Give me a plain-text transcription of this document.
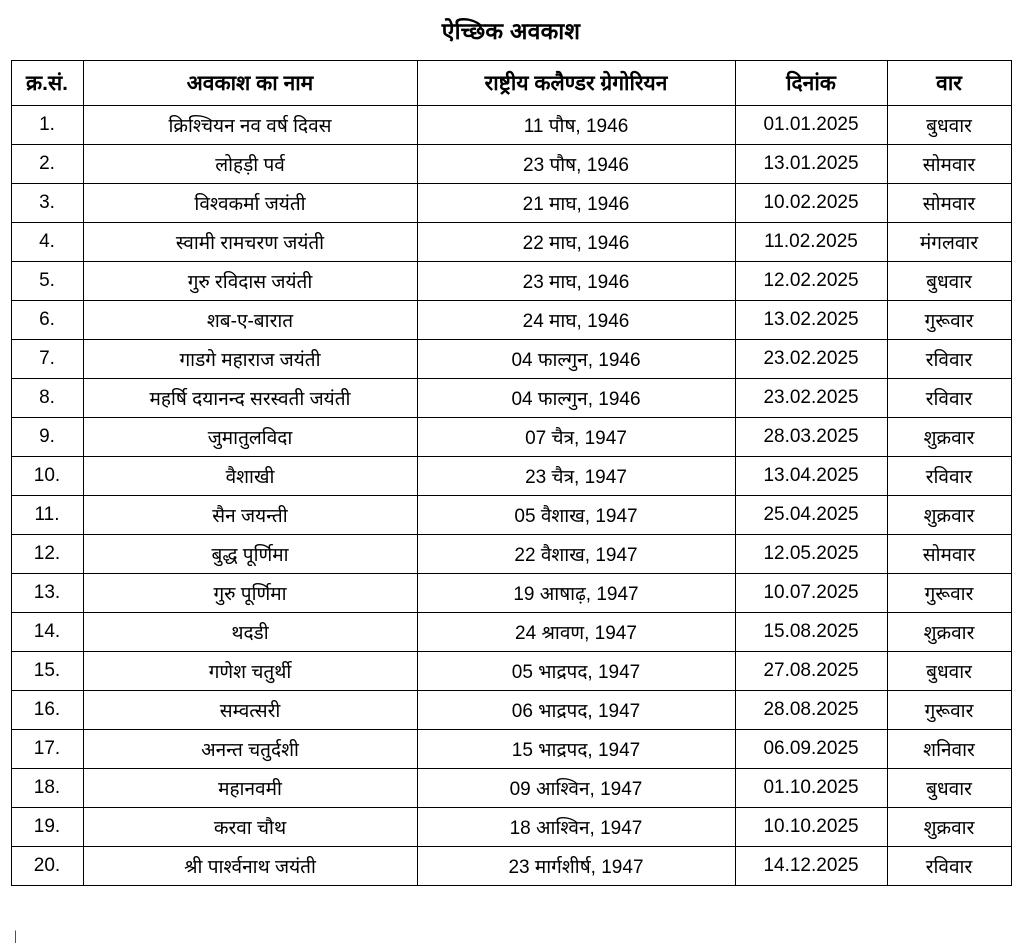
ऐच्छिक अवकाश
क्र.सं.	अवकाश का नाम	राष्ट्रीय कलैण्डर ग्रेगोरियन	दिनांक	वार
1.	क्रिश्चियन नव वर्ष दिवस	11 पौष, 1946	01.01.2025	बुधवार
2.	लोहड़ी पर्व	23 पौष, 1946	13.01.2025	सोमवार
3.	विश्वकर्मा जयंती	21 माघ, 1946	10.02.2025	सोमवार
4.	स्वामी रामचरण जयंती	22 माघ, 1946	11.02.2025	मंगलवार
5.	गुरु रविदास जयंती	23 माघ, 1946	12.02.2025	बुधवार
6.	शब-ए-बारात	24 माघ, 1946	13.02.2025	गुरूवार
7.	गाडगे महाराज जयंती	04 फाल्गुन, 1946	23.02.2025	रविवार
8.	महर्षि दयानन्द सरस्वती जयंती	04 फाल्गुन, 1946	23.02.2025	रविवार
9.	जुमातुलविदा	07 चैत्र, 1947	28.03.2025	शुक्रवार
10.	वैशाखी	23 चैत्र, 1947	13.04.2025	रविवार
11.	सैन जयन्ती	05 वैशाख, 1947	25.04.2025	शुक्रवार
12.	बुद्ध पूर्णिमा	22 वैशाख, 1947	12.05.2025	सोमवार
13.	गुरु पूर्णिमा	19 आषाढ़, 1947	10.07.2025	गुरूवार
14.	थदडी	24 श्रावण, 1947	15.08.2025	शुक्रवार
15.	गणेश चतुर्थी	05 भाद्रपद, 1947	27.08.2025	बुधवार
16.	सम्वत्सरी	06 भाद्रपद, 1947	28.08.2025	गुरूवार
17.	अनन्त चतुर्दशी	15 भाद्रपद, 1947	06.09.2025	शनिवार
18.	महानवमी	09 आश्विन, 1947	01.10.2025	बुधवार
19.	करवा चौथ	18 आश्विन, 1947	10.10.2025	शुक्रवार
20.	श्री पार्श्वनाथ जयंती	23 मार्गशीर्ष, 1947	14.12.2025	रविवार
|
